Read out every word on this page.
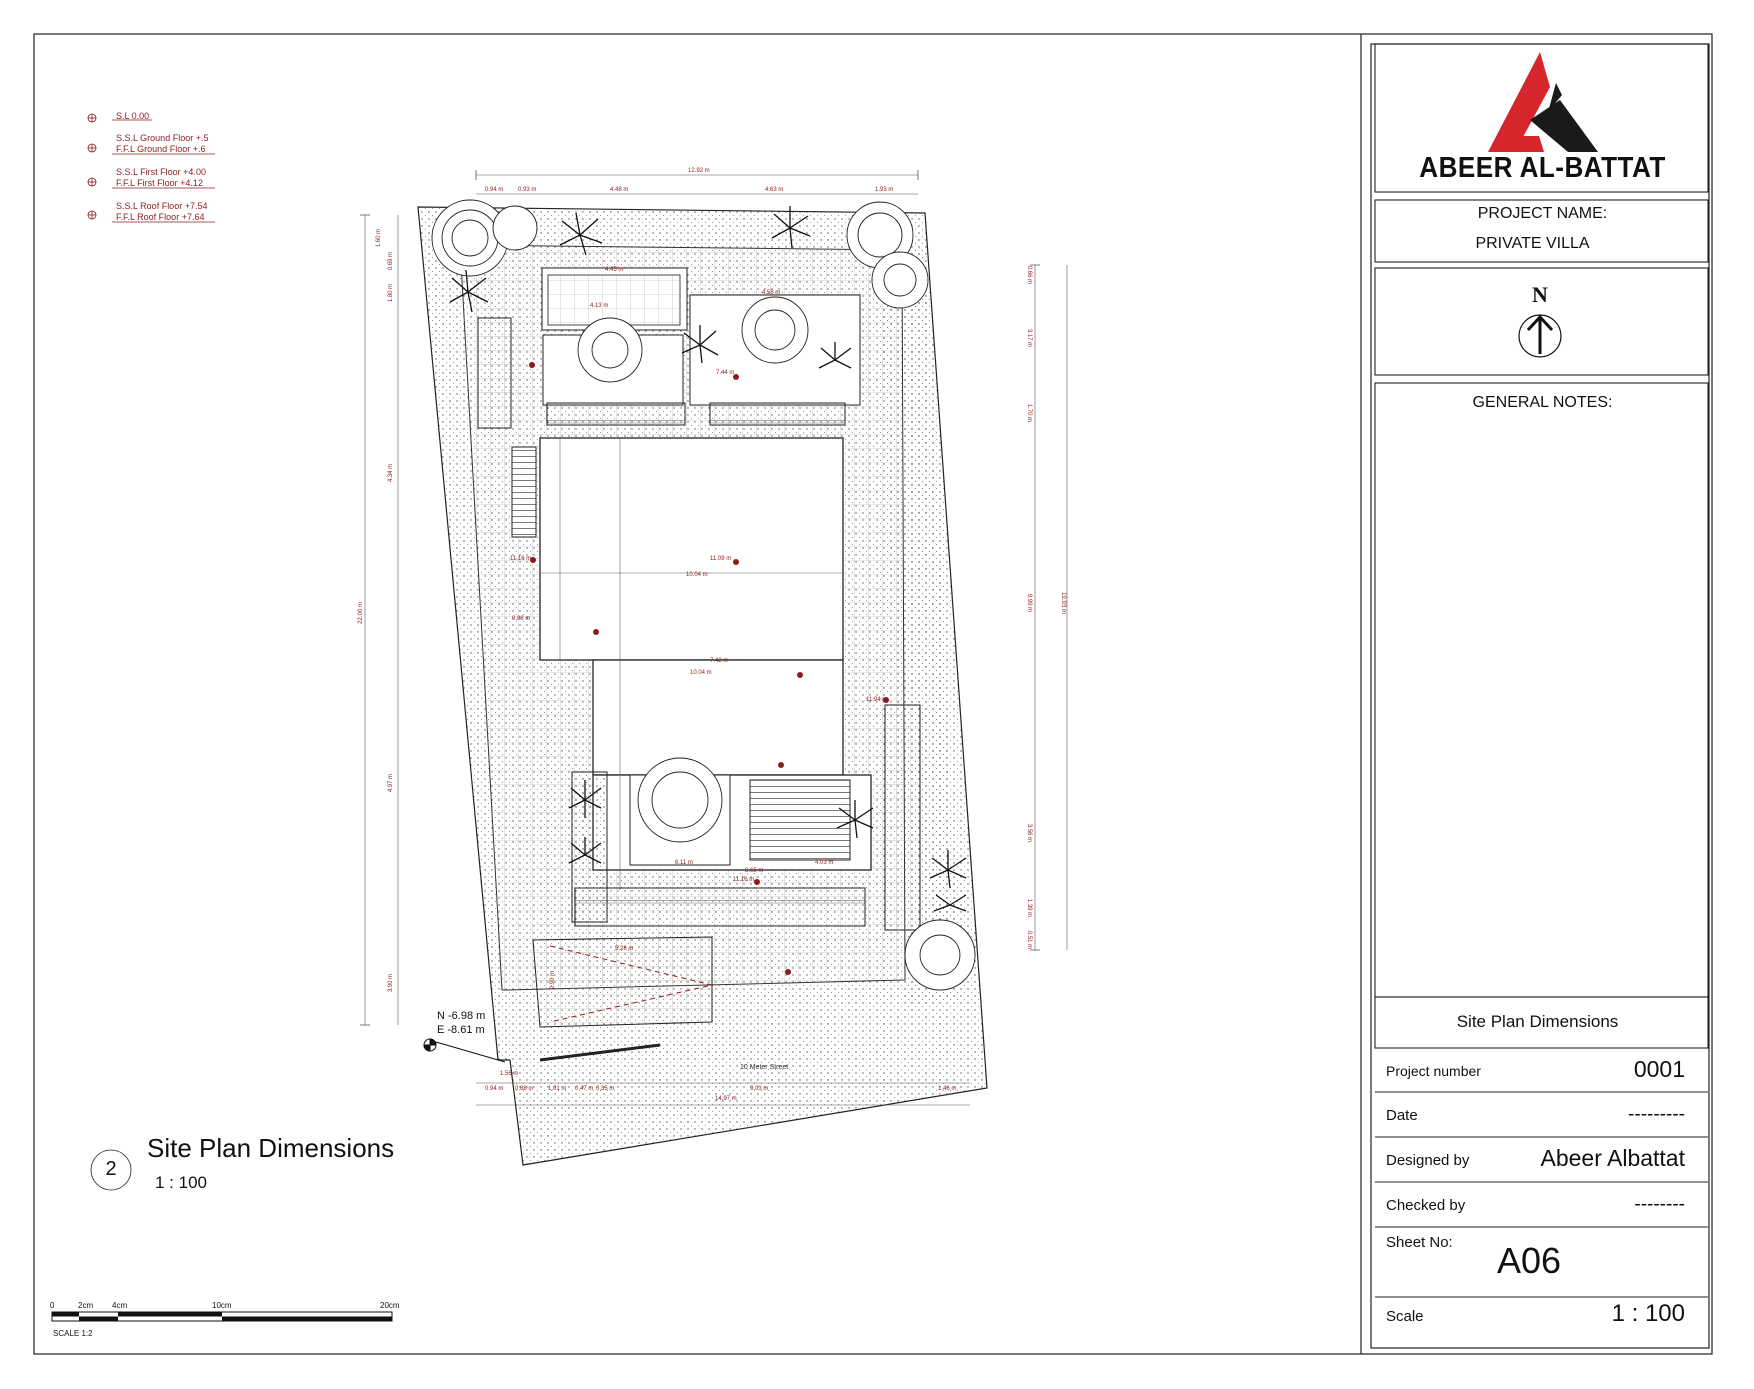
S.L 0.00
S.S.L Ground Floor +.5
F.F.L Ground Floor +.6
S.S.L First Floor +4.00
F.F.L First Floor +4.12
S.S.L Roof Floor +7.54
F.F.L Roof Floor +7.64
12.92 m
0.94 m 0.93 m	4.48 m	4.63 m	1.93 m
0.94 m 0.88 m 1.01 m 0.47 m 0.35 m	9.03 m	1.46 m
14.97 m
1.60 m
0.69 m
1.80 m
4.34 m
22.00 m
4.97 m
3.90 m
0.66 m
3.17 m
1.70 m
19.93 m
9.99 m
3.56 m
1.39 m
0.51 m
4.45 m
4.13 m
4.58 m
7.44 m
11.09 m
10.04 m
11.16 m
7.42 m
10.04 m
11.94 m
8.65 m
11.16 m
6.11 m	4.03 m
5.28 m
2.90 m
1.56 m
0.88 m
10 Meter Street
N -6.98 m
E -8.61 m
2
Site Plan Dimensions
1 : 100
0	2cm 4cm	10cm	20cm
SCALE 1:2
ABEER AL-BATTAT
PROJECT NAME:
PRIVATE VILLA
N
GENERAL NOTES:
Site Plan Dimensions
Project number	0001
Date	---------
Designed by	Abeer Albattat
Checked by	--------
Sheet No: A06
Scale	1 : 100
